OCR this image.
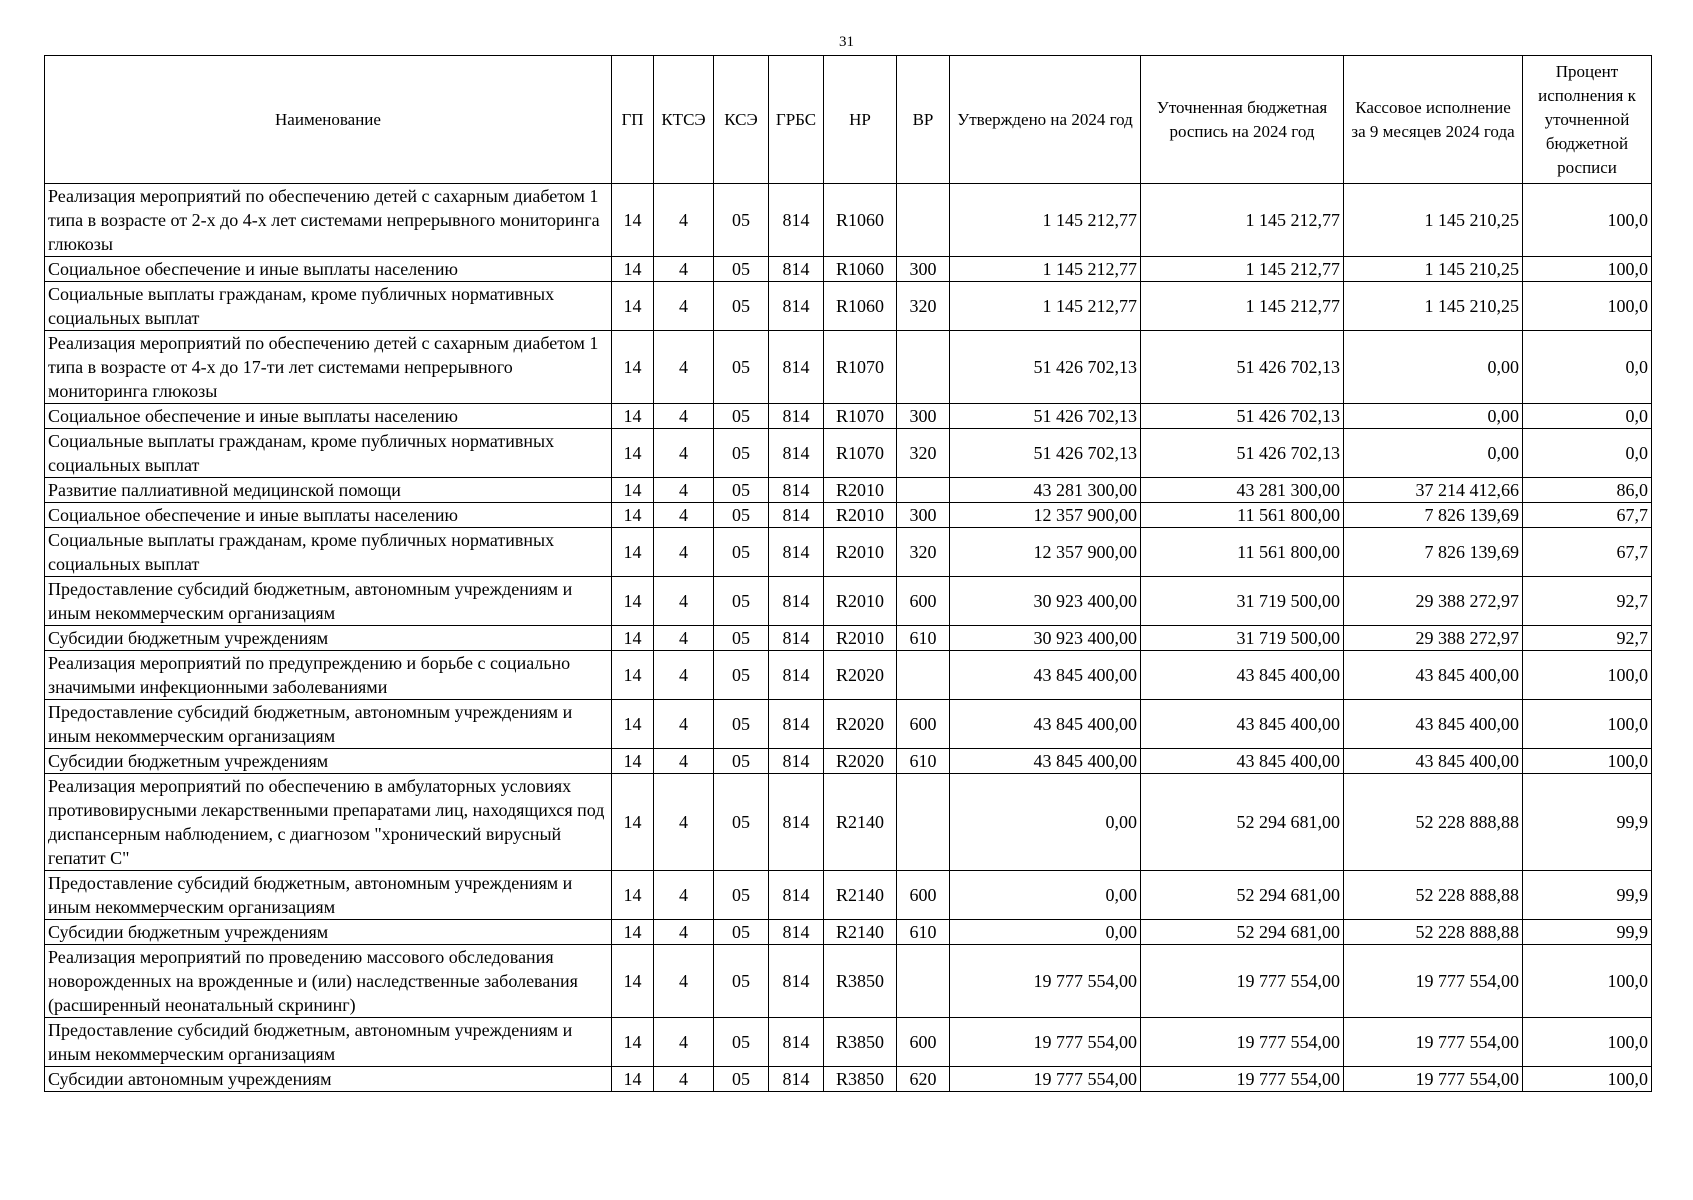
31
Наименование	ГП	КТСЭ	КСЭ	ГРБС	НР	ВР	Утверждено на 2024 год	Уточненная бюджетная роспись на 2024 год	Кассовое исполнение за 9 месяцев 2024 года	Процент исполнения к уточненной бюджетной росписи
Реализация мероприятий по обеспечению детей с сахарным диабетом 1 типа в возрасте от 2-х до 4-х лет системами непрерывного мониторинга глюкозы	14	4	05	814	R1060		1 145 212,77	1 145 212,77	1 145 210,25	100,0
Социальное обеспечение и иные выплаты населению	14	4	05	814	R1060	300	1 145 212,77	1 145 212,77	1 145 210,25	100,0
Социальные выплаты гражданам, кроме публичных нормативных социальных выплат	14	4	05	814	R1060	320	1 145 212,77	1 145 212,77	1 145 210,25	100,0
Реализация мероприятий по обеспечению детей с сахарным диабетом 1 типа в возрасте от 4-х до 17-ти лет системами непрерывного мониторинга глюкозы	14	4	05	814	R1070		51 426 702,13	51 426 702,13	0,00	0,0
Социальное обеспечение и иные выплаты населению	14	4	05	814	R1070	300	51 426 702,13	51 426 702,13	0,00	0,0
Социальные выплаты гражданам, кроме публичных нормативных социальных выплат	14	4	05	814	R1070	320	51 426 702,13	51 426 702,13	0,00	0,0
Развитие паллиативной медицинской помощи	14	4	05	814	R2010		43 281 300,00	43 281 300,00	37 214 412,66	86,0
Социальное обеспечение и иные выплаты населению	14	4	05	814	R2010	300	12 357 900,00	11 561 800,00	7 826 139,69	67,7
Социальные выплаты гражданам, кроме публичных нормативных социальных выплат	14	4	05	814	R2010	320	12 357 900,00	11 561 800,00	7 826 139,69	67,7
Предоставление субсидий бюджетным, автономным учреждениям и иным некоммерческим организациям	14	4	05	814	R2010	600	30 923 400,00	31 719 500,00	29 388 272,97	92,7
Субсидии бюджетным учреждениям	14	4	05	814	R2010	610	30 923 400,00	31 719 500,00	29 388 272,97	92,7
Реализация мероприятий по предупреждению и борьбе с социально значимыми инфекционными заболеваниями	14	4	05	814	R2020		43 845 400,00	43 845 400,00	43 845 400,00	100,0
Предоставление субсидий бюджетным, автономным учреждениям и иным некоммерческим организациям	14	4	05	814	R2020	600	43 845 400,00	43 845 400,00	43 845 400,00	100,0
Субсидии бюджетным учреждениям	14	4	05	814	R2020	610	43 845 400,00	43 845 400,00	43 845 400,00	100,0
Реализация мероприятий по обеспечению в амбулаторных условиях противовирусными лекарственными препаратами лиц, находящихся под диспансерным наблюдением, с диагнозом "хронический вирусный гепатит С"	14	4	05	814	R2140		0,00	52 294 681,00	52 228 888,88	99,9
Предоставление субсидий бюджетным, автономным учреждениям и иным некоммерческим организациям	14	4	05	814	R2140	600	0,00	52 294 681,00	52 228 888,88	99,9
Субсидии бюджетным учреждениям	14	4	05	814	R2140	610	0,00	52 294 681,00	52 228 888,88	99,9
Реализация мероприятий по проведению массового обследования новорожденных на врожденные и (или) наследственные заболевания (расширенный неонатальный скрининг)	14	4	05	814	R3850		19 777 554,00	19 777 554,00	19 777 554,00	100,0
Предоставление субсидий бюджетным, автономным учреждениям и иным некоммерческим организациям	14	4	05	814	R3850	600	19 777 554,00	19 777 554,00	19 777 554,00	100,0
Субсидии автономным учреждениям	14	4	05	814	R3850	620	19 777 554,00	19 777 554,00	19 777 554,00	100,0
